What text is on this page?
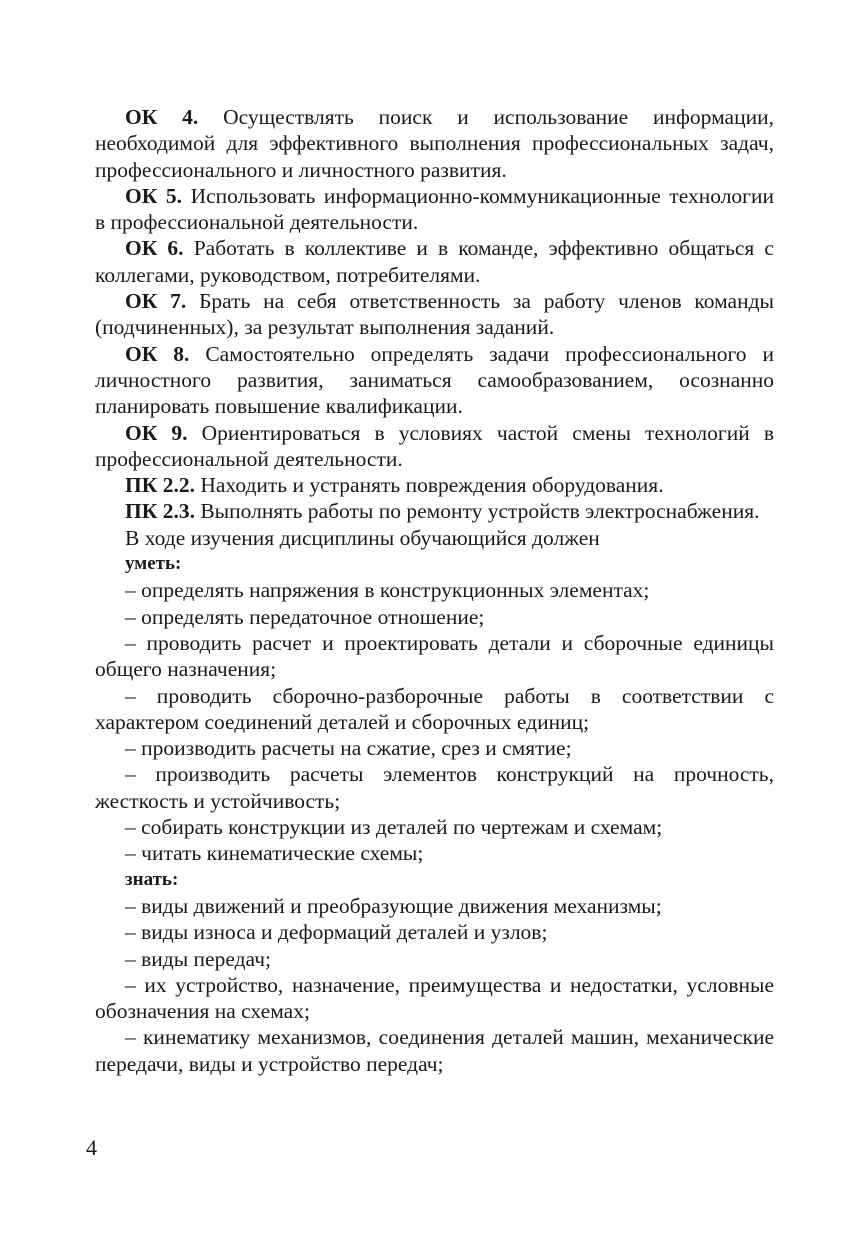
ОК 4. Осуществлять поиск и использование информации, необходимой для эффективного выполнения профессиональных задач, профессионального и личностного развития.

ОК 5. Использовать информационно-коммуникационные технологии в профессиональной деятельности.

ОК 6. Работать в коллективе и в команде, эффективно общаться с коллегами, руководством, потребителями.

ОК 7. Брать на себя ответственность за работу членов команды (подчиненных), за результат выполнения заданий.

ОК 8. Самостоятельно определять задачи профессионального и личностного развития, заниматься самообразованием, осознанно планировать повышение квалификации.

ОК 9. Ориентироваться в условиях частой смены технологий в профессиональной деятельности.

ПК 2.2. Находить и устранять повреждения оборудования.

ПК 2.3. Выполнять работы по ремонту устройств электроснабжения.

В ходе изучения дисциплины обучающийся должен

уметь:

– определять напряжения в конструкционных элементах;

– определять передаточное отношение;

– проводить расчет и проектировать детали и сборочные единицы общего назначения;

– проводить сборочно-разборочные работы в соответствии с характером соединений деталей и сборочных единиц;

– производить расчеты на сжатие, срез и смятие;

– производить расчеты элементов конструкций на прочность, жесткость и устойчивость;

– собирать конструкции из деталей по чертежам и схемам;

– читать кинематические схемы;

знать:

– виды движений и преобразующие движения механизмы;

– виды износа и деформаций деталей и узлов;

– виды передач;

– их устройство, назначение, преимущества и недостатки, условные обозначения на схемах;

– кинематику механизмов, соединения деталей машин, механические передачи, виды и устройство передач;

4
